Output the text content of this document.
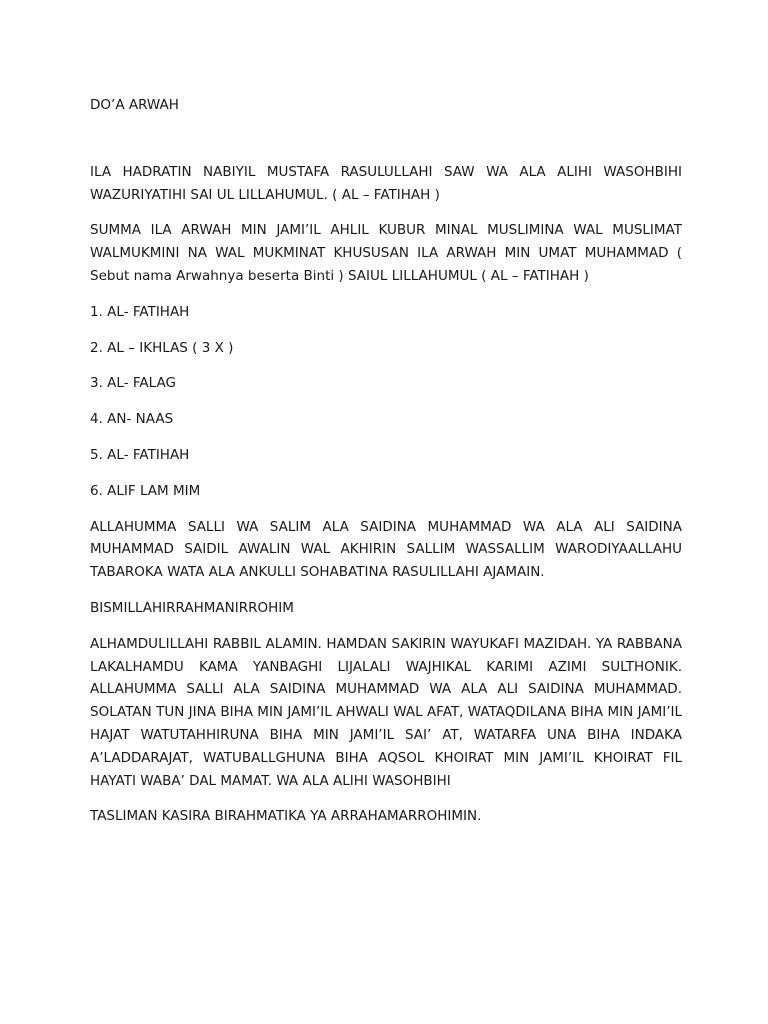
DO’A ARWAH

ILA HADRATIN NABIYIL MUSTAFA RASULULLAHI SAW WA ALA ALIHI WASOHBIHI WAZURIYATIHI SAI UL LILLAHUMUL. ( AL – FATIHAH )

SUMMA ILA ARWAH MIN JAMI’IL AHLIL KUBUR MINAL MUSLIMINA WAL MUSLIMAT WALMUKMINI NA WAL MUKMINAT KHUSUSAN ILA ARWAH MIN UMAT MUHAMMAD ( Sebut nama Arwahnya beserta Binti ) SAIUL LILLAHUMUL ( AL – FATIHAH )

1. AL- FATIHAH
2. AL – IKHLAS ( 3 X )
3. AL- FALAG
4. AN- NAAS
5. AL- FATIHAH
6. ALIF LAM MIM

ALLAHUMMA SALLI WA SALIM ALA SAIDINA MUHAMMAD WA ALA ALI SAIDINA MUHAMMAD SAIDIL AWALIN WAL AKHIRIN SALLIM WASSALLIM WARODIYAALLAHU TABAROKA WATA ALA ANKULLI SOHABATINA RASULILLAHI AJAMAIN.

BISMILLAHIRRAHMANIRROHIM

ALHAMDULILLAHI RABBIL ALAMIN. HAMDAN SAKIRIN WAYUKAFI MAZIDAH. YA RABBANA LAKALHAMDU KAMA YANBAGHI LIJALALI WAJHIKAL KARIMI AZIMI SULTHONIK. ALLAHUMMA SALLI ALA SAIDINA MUHAMMAD WA ALA ALI SAIDINA MUHAMMAD. SOLATAN TUN JINA BIHA MIN JAMI’IL AHWALI WAL AFAT, WATAQDILANA BIHA MIN JAMI’IL HAJAT WATUTAHHIRUNA BIHA MIN JAMI’IL SAI’ AT, WATARFA UNA BIHA INDAKA A’LADDARAJAT, WATUBALLGHUNA BIHA AQSOL KHOIRAT MIN JAMI’IL KHOIRAT FIL HAYATI WABA’ DAL MAMAT. WA ALA ALIHI WASOHBIHI

TASLIMAN KASIRA BIRAHMATIKA YA ARRAHAMARROHIMIN.
